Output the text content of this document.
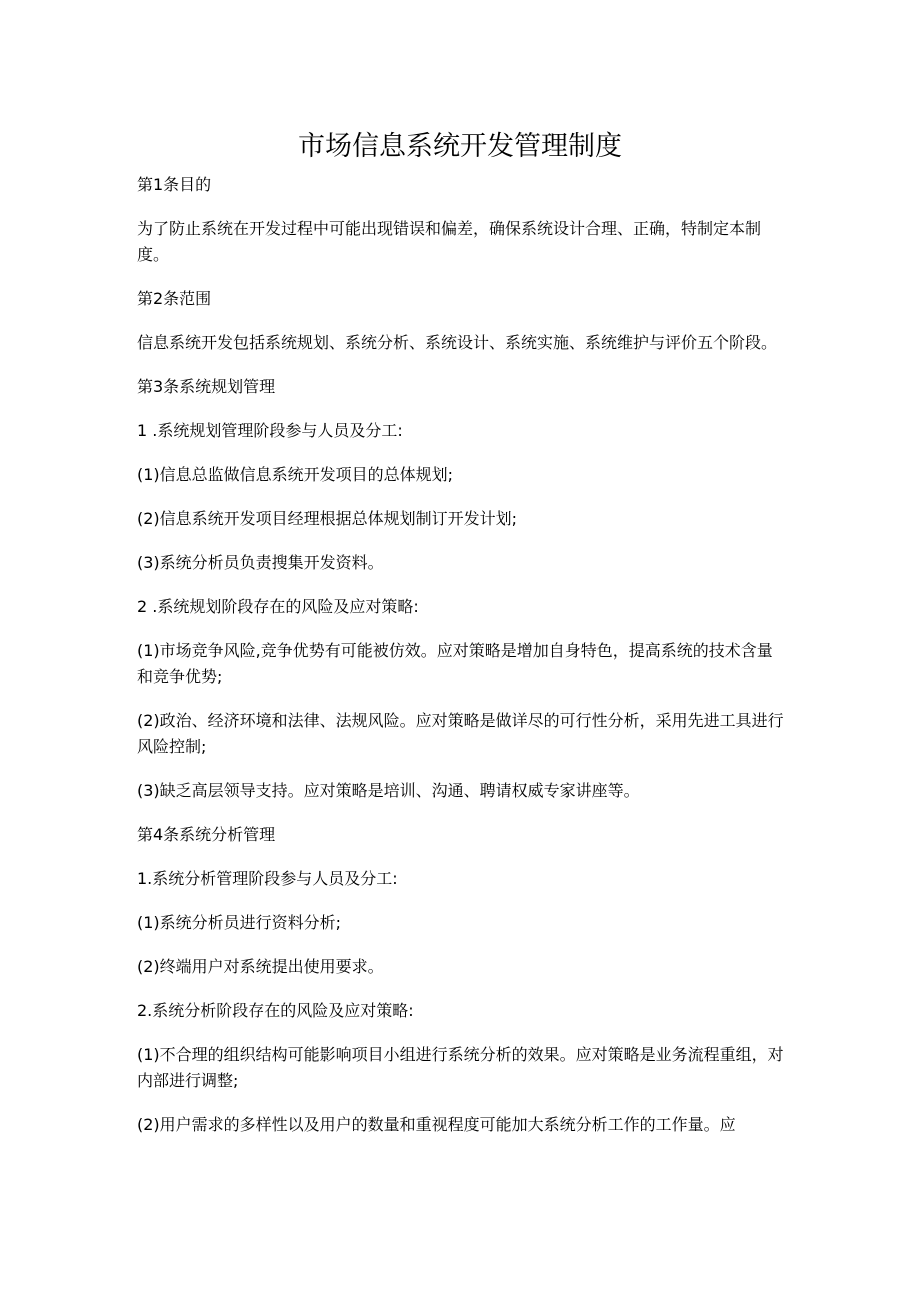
市场信息系统开发管理制度

第1条目的

为了防止系统在开发过程中可能出现错误和偏差，确保系统设计合理、正确，特制定本制度。

第2条范围

信息系统开发包括系统规划、系统分析、系统设计、系统实施、系统维护与评价五个阶段。

第3条系统规划管理

1 .系统规划管理阶段参与人员及分工:

(1)信息总监做信息系统开发项目的总体规划;

(2)信息系统开发项目经理根据总体规划制订开发计划;

(3)系统分析员负责搜集开发资料。

2 .系统规划阶段存在的风险及应对策略:

(1)市场竞争风险,竞争优势有可能被仿效。应对策略是增加自身特色，提高系统的技术含量和竞争优势;

(2)政治、经济环境和法律、法规风险。应对策略是做详尽的可行性分析，采用先进工具进行风险控制;

(3)缺乏高层领导支持。应对策略是培训、沟通、聘请权威专家讲座等。

第4条系统分析管理

1.系统分析管理阶段参与人员及分工:

(1)系统分析员进行资料分析;

(2)终端用户对系统提出使用要求。

2.系统分析阶段存在的风险及应对策略:

(1)不合理的组织结构可能影响项目小组进行系统分析的效果。应对策略是业务流程重组，对内部进行调整;

(2)用户需求的多样性以及用户的数量和重视程度可能加大系统分析工作的工作量。应
